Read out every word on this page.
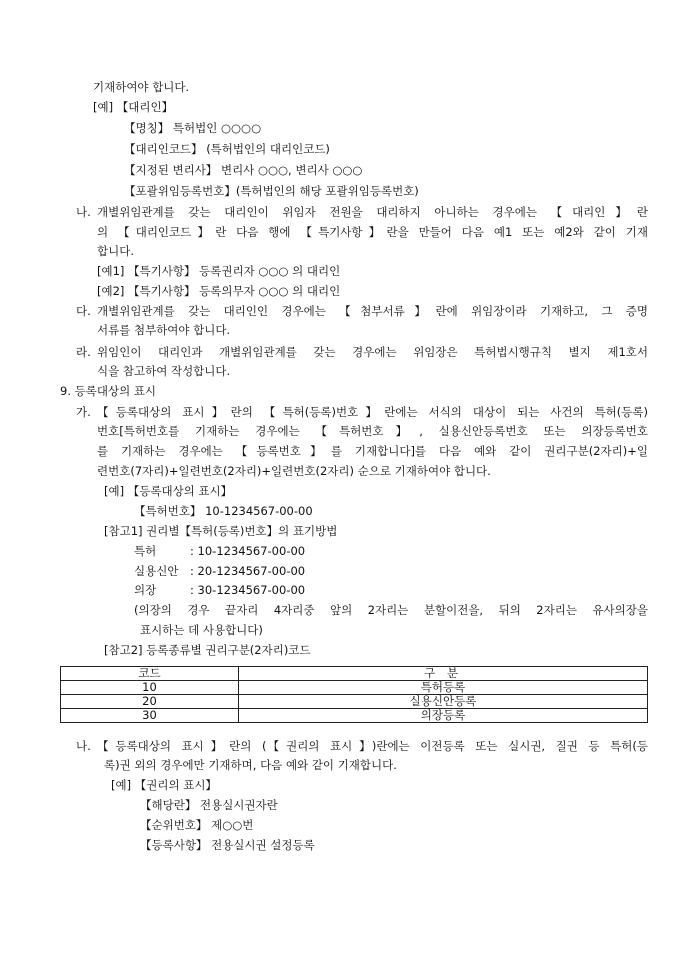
기재하여야 합니다.
[예] 【대리인】
【명칭】 특허법인 ○○○○
【대리인코드】 (특허법인의 대리인코드)
【지정된 변리사】 변리사 ○○○, 변리사 ○○○
【포괄위임등록번호】(특허법인의 해당 포괄위임등록번호)
나. 개별위임관계를 갖는 대리인이 위임자 전원을 대리하지 아니하는 경우에는 【대리인】란
의 【대리인코드】란 다음 행에 【특기사항】란을 만들어 다음 예1 또는 예2와 같이 기재
합니다.
[예1] 【특기사항】 등록권리자 ○○○ 의 대리인
[예2] 【특기사항】 등록의무자 ○○○ 의 대리인
다. 개별위임관계를 갖는 대리인인 경우에는 【첨부서류】란에 위임장이라 기재하고, 그 증명
서류를 첨부하여야 합니다.
라. 위임인이 대리인과 개별위임관계를 갖는 경우에는 위임장은 특허법시행규칙 별지 제1호서
식을 참고하여 작성합니다.
9. 등록대상의 표시
가. 【등록대상의 표시】란의 【특허(등록)번호】란에는 서식의 대상이 되는 사건의 특허(등록)
번호[특허번호를 기재하는 경우에는 【특허번호】, 실용신안등록번호 또는 의장등록번호
를 기재하는 경우에는 【등록번호】를 기재합니다]를 다음 예와 같이 권리구분(2자리)+일
련번호(7자리)+일련번호(2자리)+일련번호(2자리) 순으로 기재하여야 합니다.
[예] 【등록대상의 표시】
【특허번호】 10-1234567-00-00
[참고1] 권리별【특허(등록)번호】의 표기방법
특허	: 10-1234567-00-00
실용신안 : 20-1234567-00-00
의장	: 30-1234567-00-00
(의장의 경우 끝자리 4자리중 앞의 2자리는 분할이전을, 뒤의 2자리는 유사의장을
표시하는 데 사용합니다)
[참고2] 등록종류별 권리구분(2자리)코드
코드	구 분
10	특허등록
20	실용신안등록
30	의장등록
나. 【등록대상의 표시】란의 (【권리의 표시】)란에는 이전등록 또는 실시권, 질권 등 특허(등
록)권 외의 경우에만 기재하며, 다음 예와 같이 기재합니다.
[예] 【권리의 표시】
【해당란】 전용실시권자란
【순위번호】 제○○번
【등록사항】 전용실시권 설정등록
